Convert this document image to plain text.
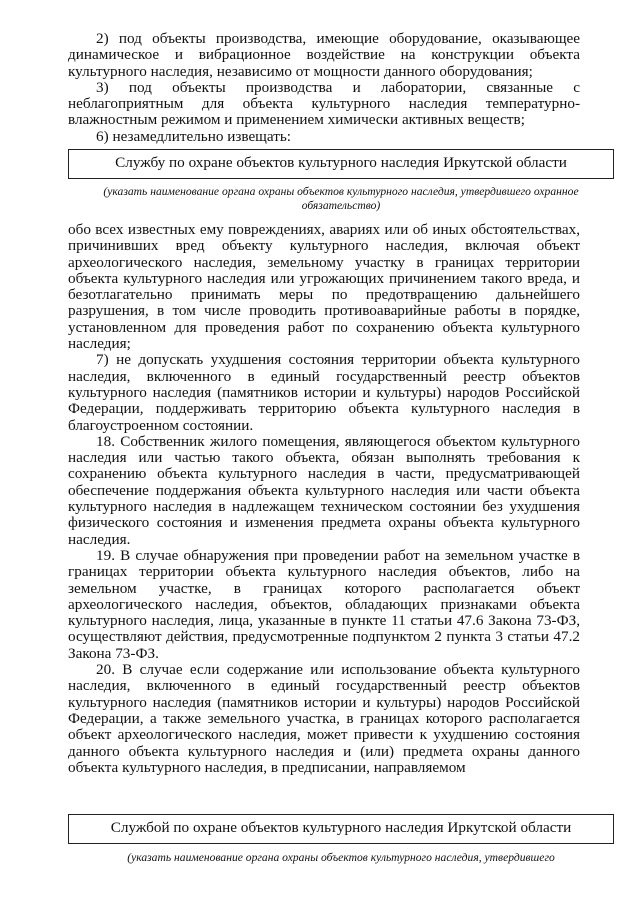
2) под объекты производства, имеющие оборудование, оказывающее динамическое и вибрационное воздействие на конструкции объекта культурного наследия, независимо от мощности данного оборудования;

3) под объекты производства и лаборатории, связанные с неблагоприятным для объекта культурного наследия температурно-влажностным режимом и применением химически активных веществ;

6) незамедлительно извещать:

Службу по охране объектов культурного наследия Иркутской области
(указать наименование органа охраны объектов культурного наследия, утвердившего охранное обязательство)

обо всех известных ему повреждениях, авариях или об иных обстоятельствах, причинивших вред объекту культурного наследия, включая объект археологического наследия, земельному участку в границах территории объекта культурного наследия или угрожающих причинением такого вреда, и безотлагательно принимать меры по предотвращению дальнейшего разрушения, в том числе проводить противоаварийные работы в порядке, установленном для проведения работ по сохранению объекта культурного наследия;

7) не допускать ухудшения состояния территории объекта культурного наследия, включенного в единый государственный реестр объектов культурного наследия (памятников истории и культуры) народов Российской Федерации, поддерживать территорию объекта культурного наследия в благоустроенном состоянии.

18. Собственник жилого помещения, являющегося объектом культурного наследия или частью такого объекта, обязан выполнять требования к сохранению объекта культурного наследия в части, предусматривающей обеспечение поддержания объекта культурного наследия или части объекта культурного наследия в надлежащем техническом состоянии без ухудшения физического состояния и изменения предмета охраны объекта культурного наследия.

19. В случае обнаружения при проведении работ на земельном участке в границах территории объекта культурного наследия объектов, либо на земельном участке, в границах которого располагается объект археологического наследия, объектов, обладающих признаками объекта культурного наследия, лица, указанные в пункте 11 статьи 47.6 Закона 73-ФЗ, осуществляют действия, предусмотренные подпунктом 2 пункта 3 статьи 47.2 Закона 73-ФЗ.

20. В случае если содержание или использование объекта культурного наследия, включенного в единый государственный реестр объектов культурного наследия (памятников истории и культуры) народов Российской Федерации, а также земельного участка, в границах которого располагается объект археологического наследия, может привести к ухудшению состояния данного объекта культурного наследия и (или) предмета охраны данного объекта культурного наследия, в предписании, направляемом

Службой по охране объектов культурного наследия Иркутской области
(указать наименование органа охраны объектов культурного наследия, утвердившего
